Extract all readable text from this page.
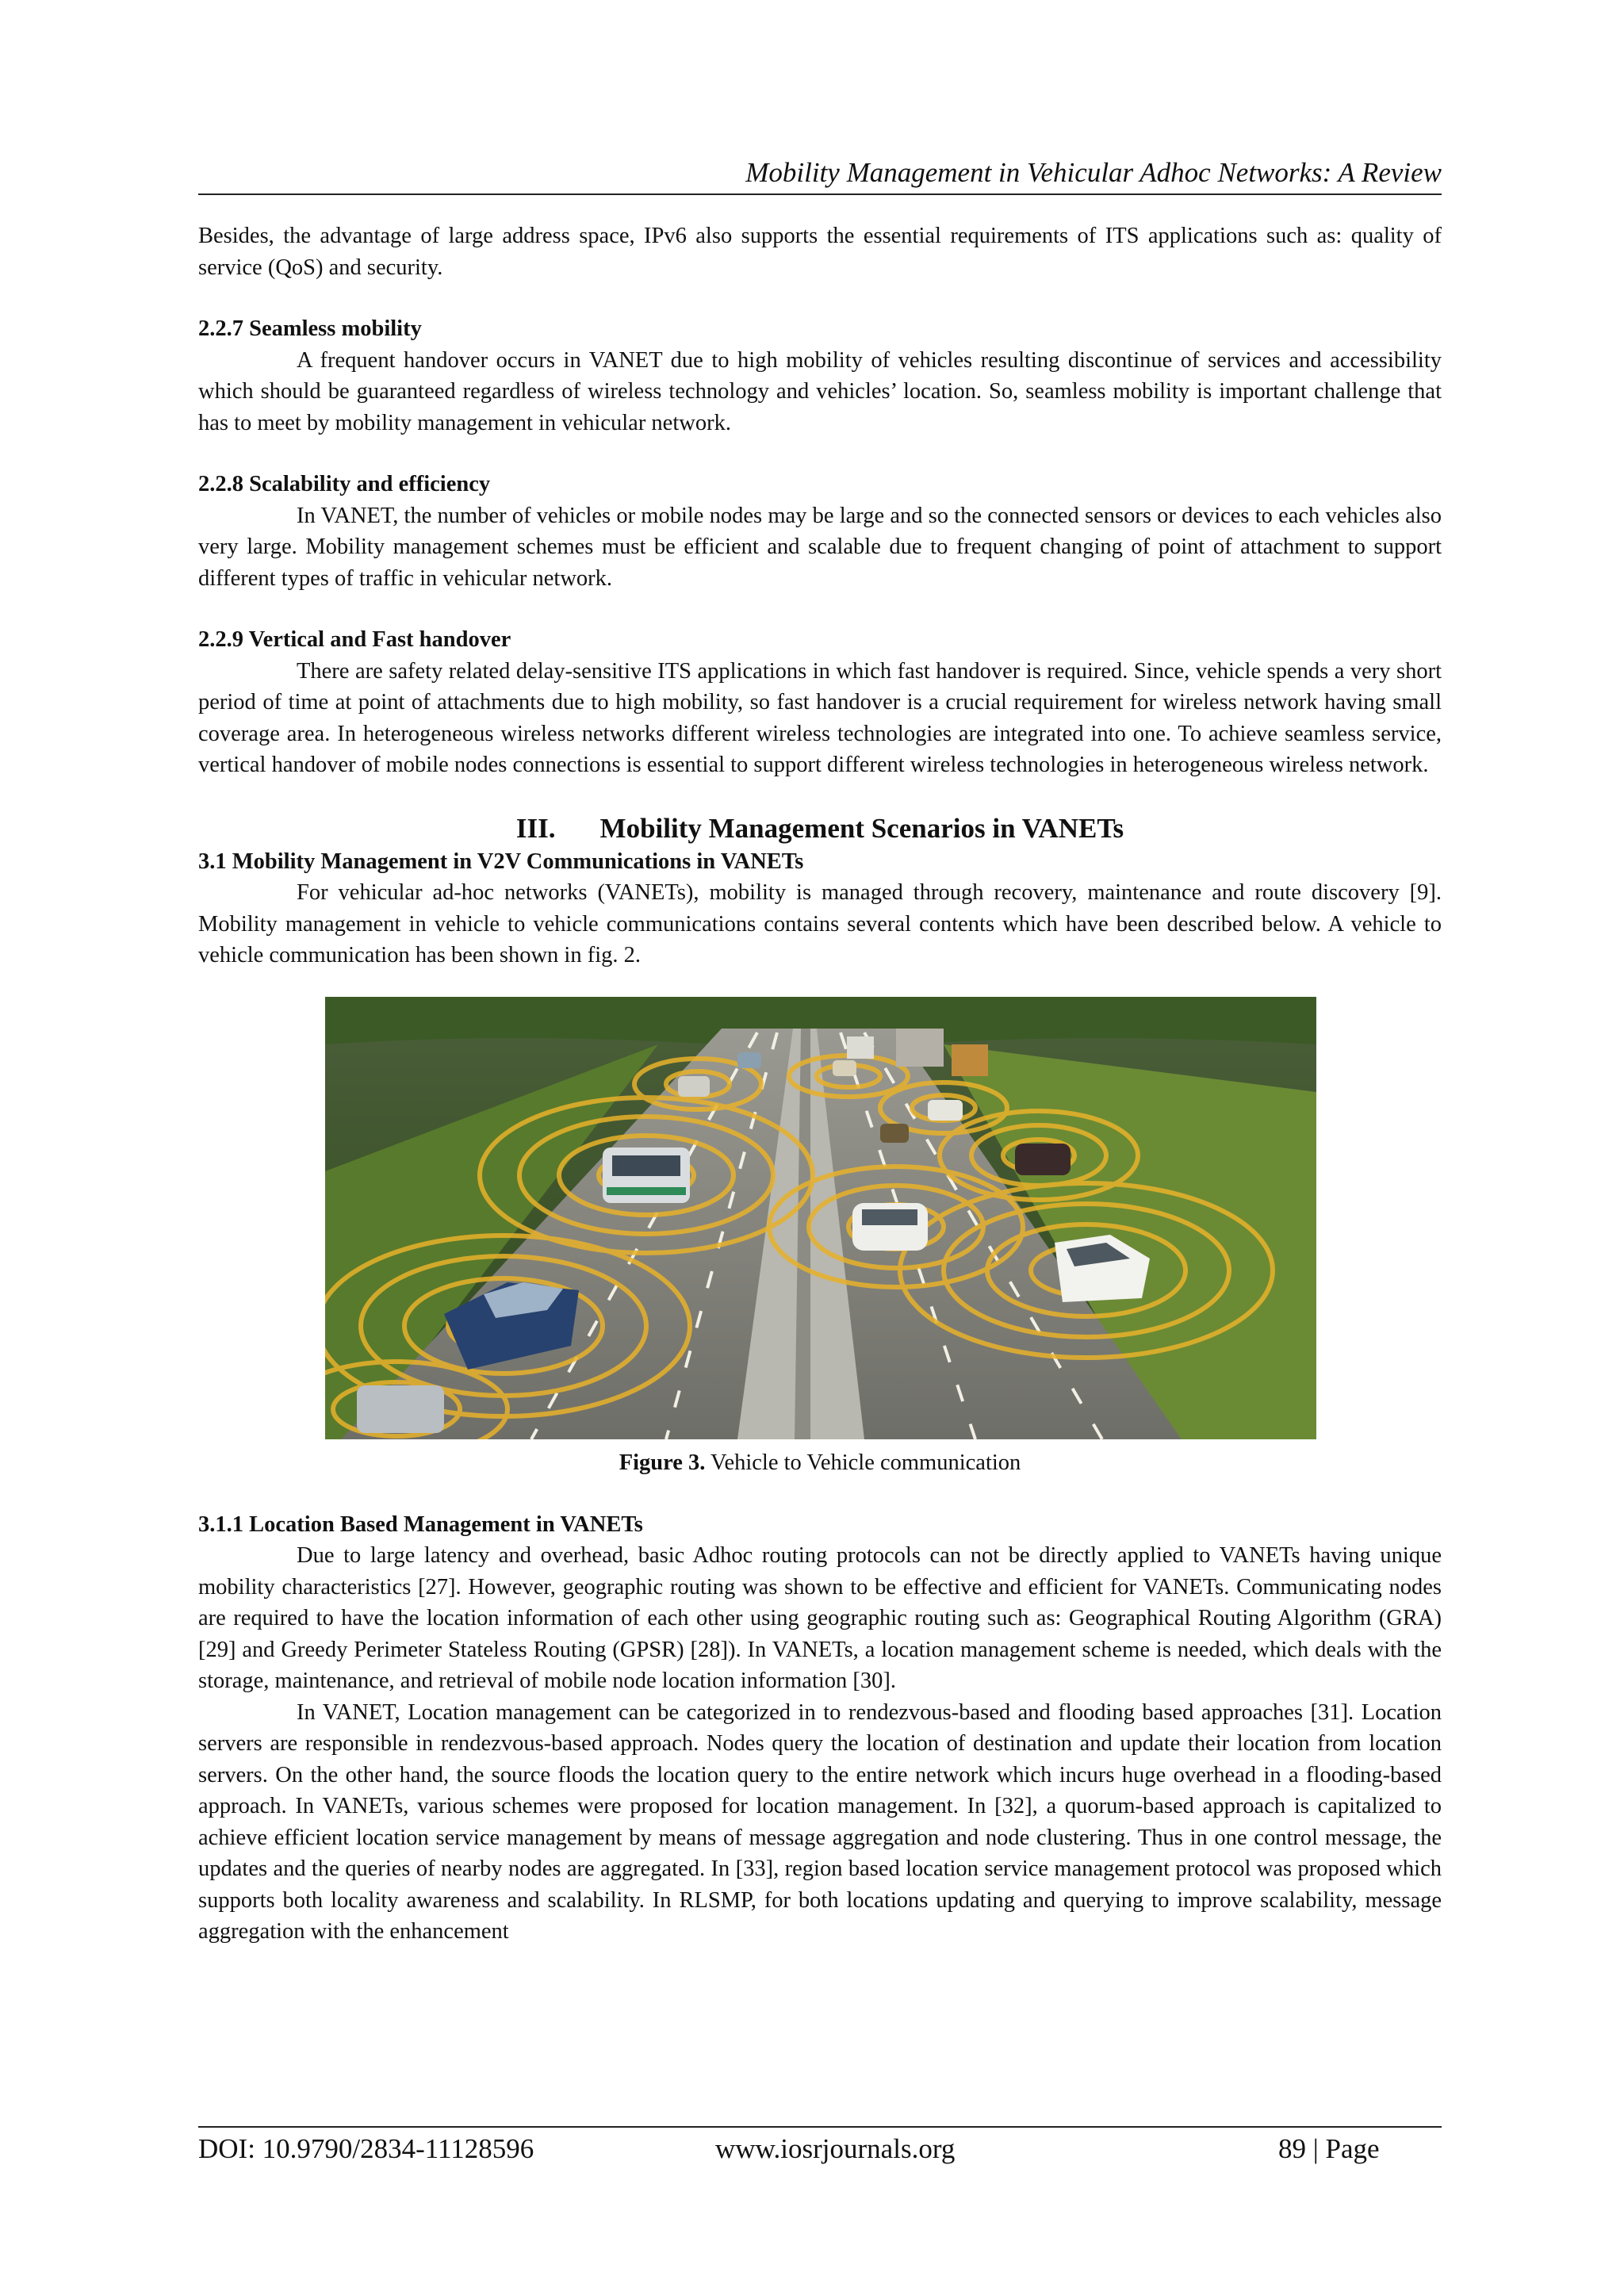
Mobility Management in Vehicular Adhoc Networks: A Review

Besides, the advantage of large address space, IPv6 also supports the essential requirements of ITS applications such as: quality of service (QoS) and security.

2.2.7 Seamless mobility

A frequent handover occurs in VANET due to high mobility of vehicles resulting discontinue of services and accessibility which should be guaranteed regardless of wireless technology and vehicles’ location. So, seamless mobility is important challenge that has to meet by mobility management in vehicular network.

2.2.8 Scalability and efficiency

In VANET, the number of vehicles or mobile nodes may be large and so the connected sensors or devices to each vehicles also very large. Mobility management schemes must be efficient and scalable due to frequent changing of point of attachment to support different types of traffic in vehicular network.

2.2.9 Vertical and Fast handover

There are safety related delay-sensitive ITS applications in which fast handover is required. Since, vehicle spends a very short period of time at point of attachments due to high mobility, so fast handover is a crucial requirement for wireless network having small coverage area. In heterogeneous wireless networks different wireless technologies are integrated into one. To achieve seamless service, vertical handover of mobile nodes connections is essential to support different wireless technologies in heterogeneous wireless network.

III. Mobility Management Scenarios in VANETs
3.1 Mobility Management in V2V Communications in VANETs

For vehicular ad-hoc networks (VANETs), mobility is managed through recovery, maintenance and route discovery [9]. Mobility management in vehicle to vehicle communications contains several contents which have been described below. A vehicle to vehicle communication has been shown in fig. 2.

Figure 3. Vehicle to Vehicle communication
3.1.1 Location Based Management in VANETs

Due to large latency and overhead, basic Adhoc routing protocols can not be directly applied to VANETs having unique mobility characteristics [27]. However, geographic routing was shown to be effective and efficient for VANETs. Communicating nodes are required to have the location information of each other using geographic routing such as: Geographical Routing Algorithm (GRA) [29] and Greedy Perimeter Stateless Routing (GPSR) [28]). In VANETs, a location management scheme is needed, which deals with the storage, maintenance, and retrieval of mobile node location information [30].

In VANET, Location management can be categorized in to rendezvous-based and flooding based approaches [31]. Location servers are responsible in rendezvous-based approach. Nodes query the location of destination and update their location from location servers. On the other hand, the source floods the location query to the entire network which incurs huge overhead in a flooding-based approach. In VANETs, various schemes were proposed for location management. In [32], a quorum-based approach is capitalized to achieve efficient location service management by means of message aggregation and node clustering. Thus in one control message, the updates and the queries of nearby nodes are aggregated. In [33], region based location service management protocol was proposed which supports both locality awareness and scalability. In RLSMP, for both locations updating and querying to improve scalability, message aggregation with the enhancement

DOI: 10.9790/2834-11128596	www.iosrjournals.org	89 | Page
